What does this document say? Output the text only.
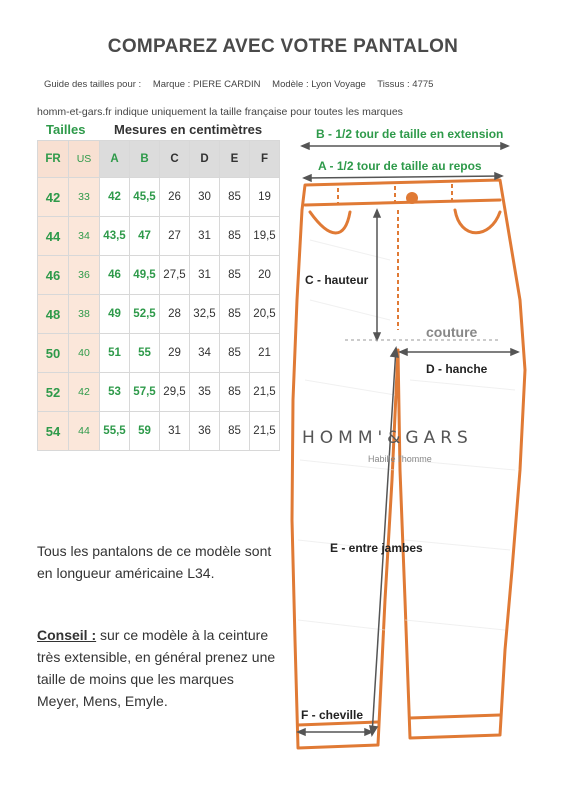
COMPAREZ AVEC VOTRE PANTALON
Guide des tailles pour : Marque : PIERE CARDIN Modèle : Lyon Voyage Tissus : 4775
homm-et-gars.fr indique uniquement la taille française pour toutes les marques
Tailles Mesures en centimètres
FR	US	A	B	C	D	E	F
42	33	42	45,5	26	30	85	19
44	34	43,5	47	27	31	85	19,5
46	36	46	49,5	27,5	31	85	20
48	38	49	52,5	28	32,5	85	20,5
50	40	51	55	29	34	85	21
52	42	53	57,5	29,5	35	85	21,5
54	44	55,5	59	31	36	85	21,5
B - 1/2 tour de taille en extension
A - 1/2 tour de taille au repos
C - hauteur
couture
D - hanche
E - entre jambes
F - cheville
HOMM'&GARS
Habille l'homme
Tous les pantalons de ce modèle sont en longueur américaine L34.
Conseil : sur ce modèle à la ceinture très extensible, en général prenez une taille de moins que les marques Meyer, Mens, Emyle.
